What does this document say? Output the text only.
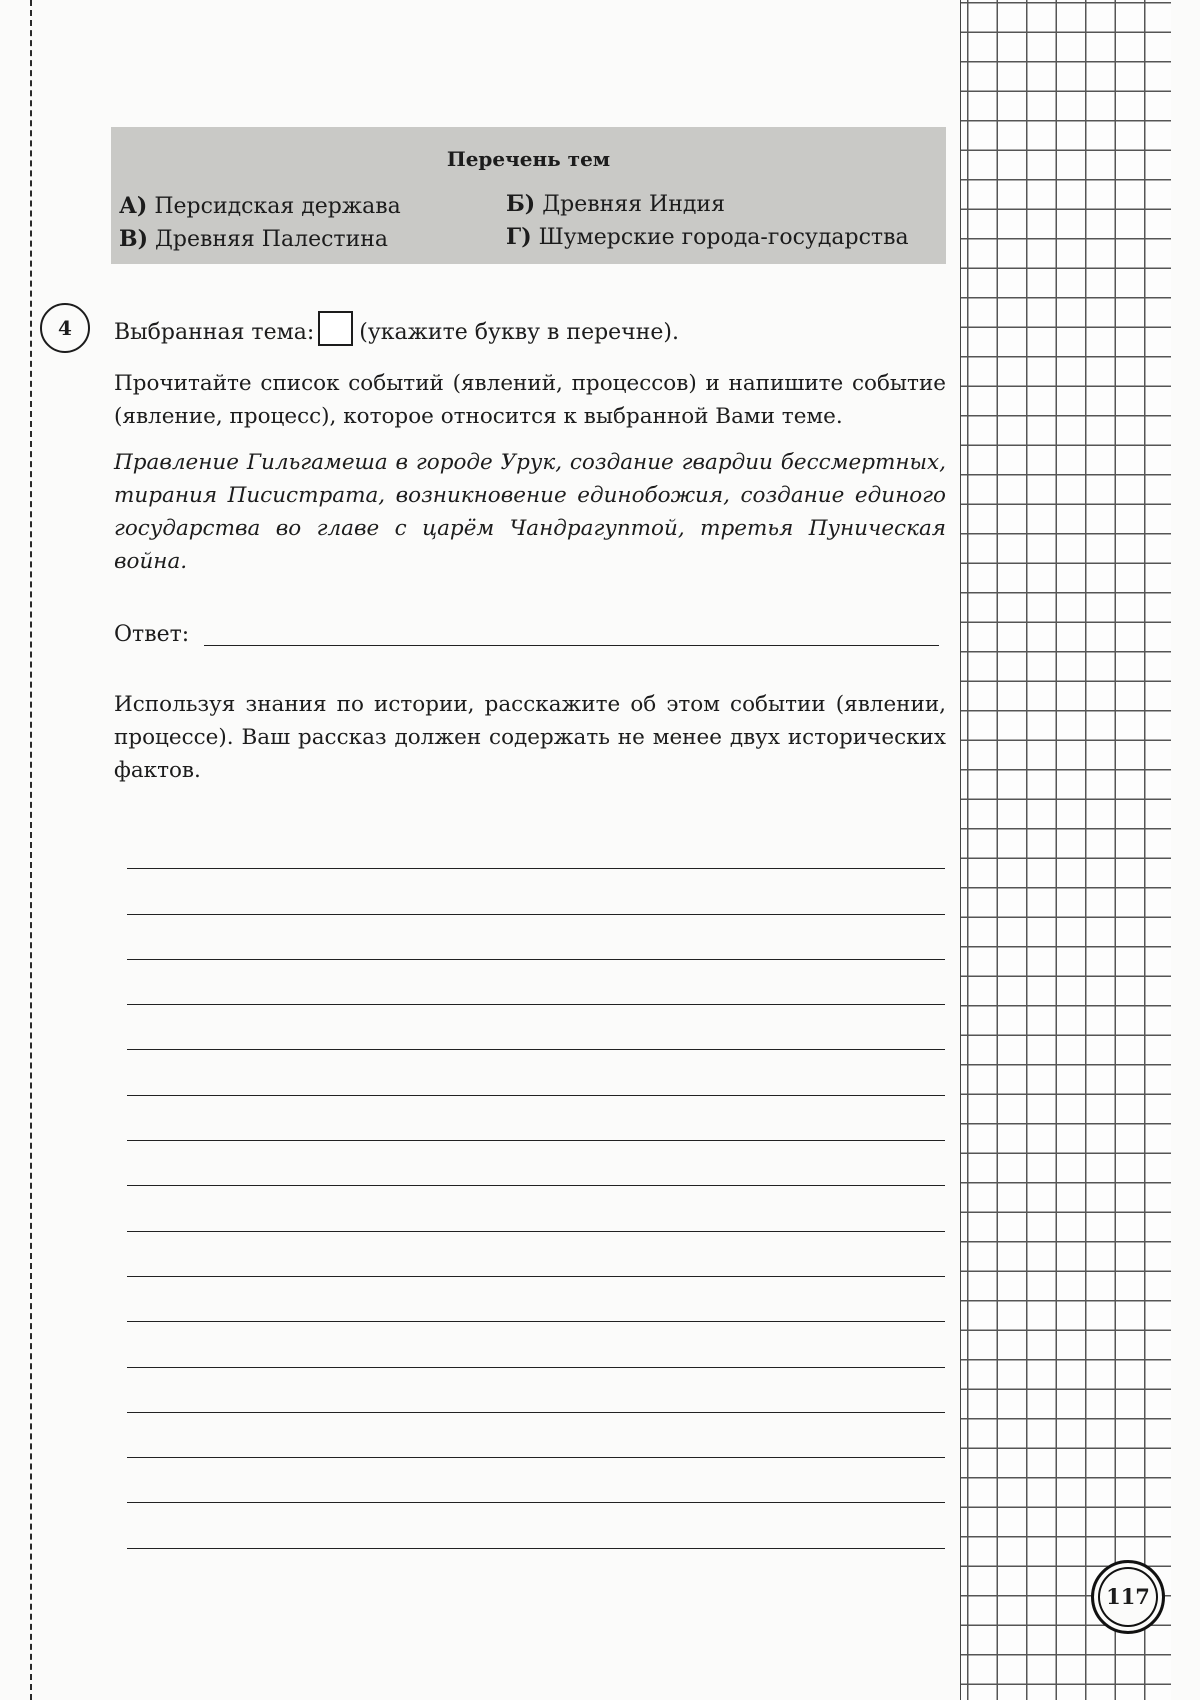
Перечень тем
А) Персидская держава	Б) Древняя Индия
В) Древняя Палестина	Г) Шумерские города-государства
4	Выбранная тема: (укажите букву в перечне).

Прочитайте список событий (явлений, процессов) и напишите событие (явление, процесс), которое относится к выбранной Вами теме.

Правление Гильгамеша в городе Урук, создание гвардии бессмертных, тирания Писистрата, возникновение единобожия, создание единого государства во главе с царём Чандрагуптой, третья Пуническая война.

Ответ:

Используя знания по истории, расскажите об этом событии (явлении, процессе). Ваш рассказ должен содержать не менее двух исторических фактов.

117
